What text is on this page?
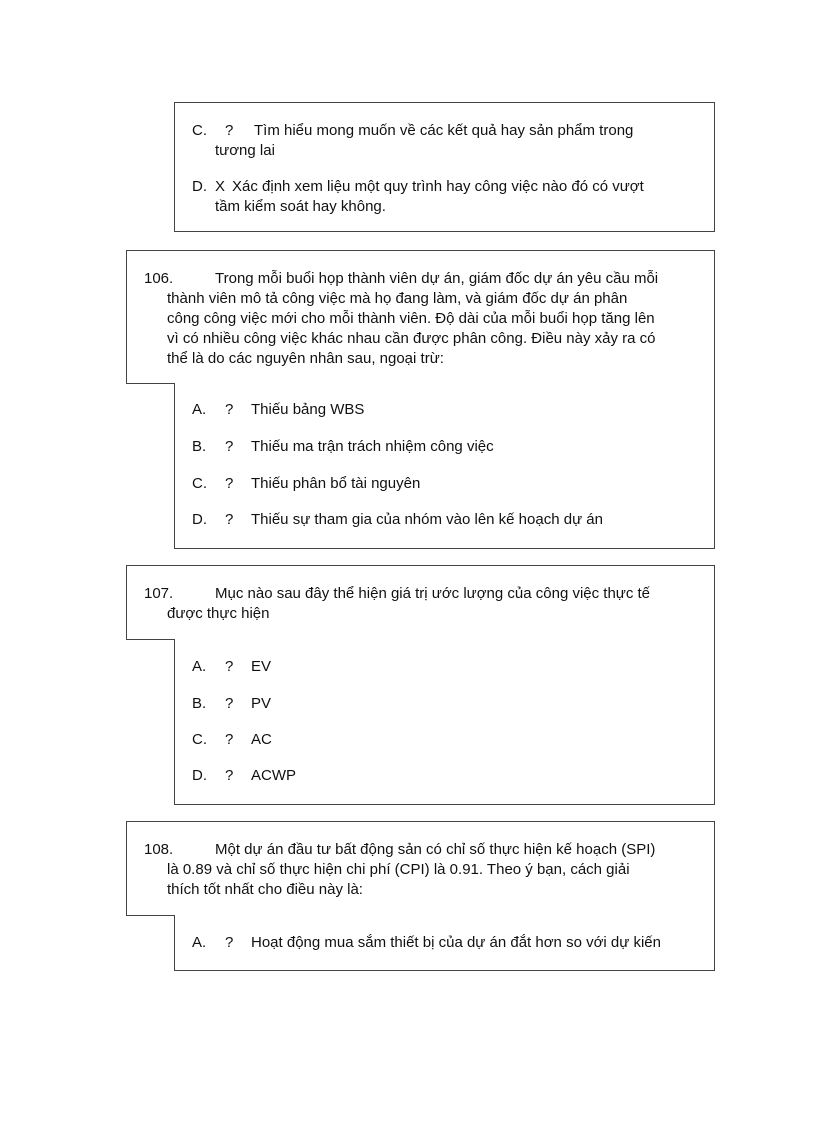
C. ? Tìm hiểu mong muốn về các kết quả hay sản phẩm trong
tương lai
D. X Xác định xem liệu một quy trình hay công việc nào đó có vượt
tầm kiểm soát hay không.
106.	Trong mỗi buổi họp thành viên dự án, giám đốc dự án yêu cầu mỗi
thành viên mô tả công việc mà họ đang làm, và giám đốc dự án phân
công công việc mới cho mỗi thành viên. Độ dài của mỗi buổi họp tăng lên
vì có nhiều công việc khác nhau cần được phân công. Điều này xảy ra có
thể là do các nguyên nhân sau, ngoại trừ:
A. ? Thiếu bảng WBS
B. ? Thiếu ma trận trách nhiệm công việc
C. ? Thiếu phân bổ tài nguyên
D. ? Thiếu sự tham gia của nhóm vào lên kế hoạch dự án
107.	Mục nào sau đây thể hiện giá trị ước lượng của công việc thực tế
được thực hiện
A. ? EV
B. ? PV
C. ? AC
D. ? ACWP
108.	Một dự án đầu tư bất động sản có chỉ số thực hiện kế hoạch (SPI)
là 0.89 và chỉ số thực hiện chi phí (CPI) là 0.91. Theo ý bạn, cách giải
thích tốt nhất cho điều này là:
A. ? Hoạt động mua sắm thiết bị của dự án đắt hơn so với dự kiến
